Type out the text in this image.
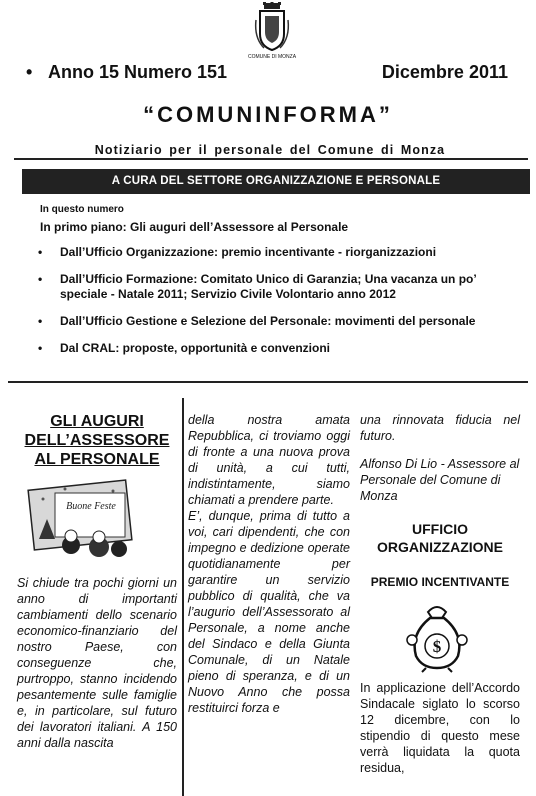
COMUNE DI MONZA
• Anno 15 Numero 151	Dicembre 2011
“COMUNINFORMA”
Notiziario per il personale del Comune di Monza
A CURA DEL SETTORE ORGANIZZAZIONE E PERSONALE
In questo numero
In primo piano: Gli auguri dell’Assessore al Personale
• Dall’Ufficio Organizzazione: premio incentivante - riorganizzazioni
• Dall’Ufficio Formazione: Comitato Unico di Garanzia; Una vacanza un po’ speciale - Natale 2011; Servizio Civile Volontario anno 2012
• Dall’Ufficio Gestione e Selezione del Personale: movimenti del personale
• Dal CRAL: proposte, opportunità e convenzioni
GLI AUGURI DELL’ASSESSORE AL PERSONALE
Buone Feste

Si chiude tra pochi giorni un anno di importanti cambiamenti dello scenario economico-finanziario del nostro Paese, con conseguenze che, purtroppo, stanno incidendo pesantemente sulle famiglie e, in particolare, sul futuro dei lavoratori italiani. A 150 anni dalla nascita

della nostra amata Repubblica, ci troviamo oggi di fronte a una nuova prova di unità, a cui tutti, indistintamente, siamo chiamati a prendere parte.

E’, dunque, prima di tutto a voi, cari dipendenti, che con impegno e dedizione operate quotidianamente per garantire un servizio pubblico di qualità, che va l’augurio dell’Assessorato al Personale, a nome anche del Sindaco e della Giunta Comunale, di un Natale pieno di speranza, e di un Nuovo Anno che possa restituirci forza e

una rinnovata fiducia nel futuro.

Alfonso Di Lio - Assessore al Personale del Comune di Monza

UFFICIO ORGANIZZAZIONE
PREMIO INCENTIVANTE
$

In applicazione dell’Accordo Sindacale siglato lo scorso 12 dicembre, con lo stipendio di questo mese verrà liquidata la quota residua,
